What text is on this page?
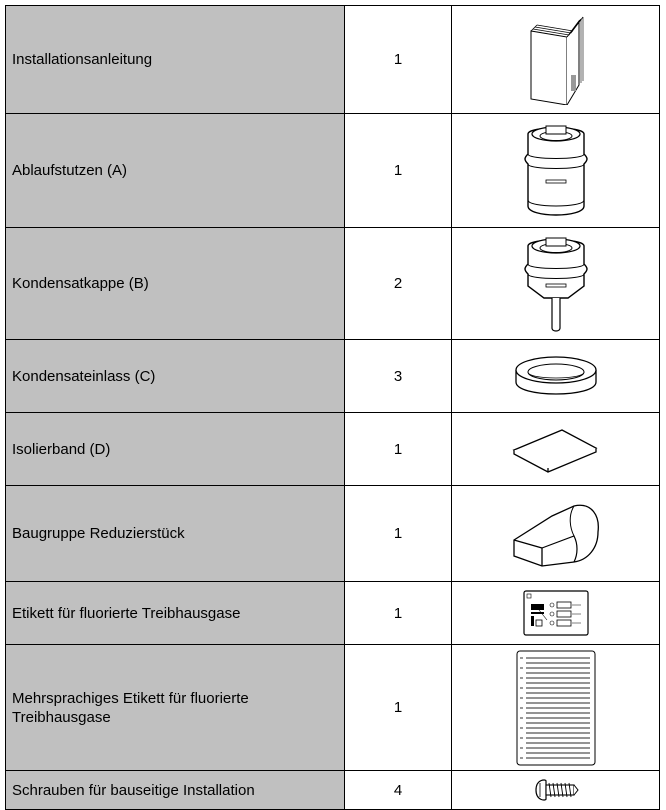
Installationsanleitung	1	

Ablaufstutzen (A)	1	

Kondensatkappe (B)	2	

Kondensateinlass (C)	3	

Isolierband (D)	1	

Baugruppe Reduzierstück	1	

Etikett für fluorierte Treibhausgase	1	

Mehrsprachiges Etikett für fluorierte Treibhausgase	1	

Schrauben für bauseitige Installation	4	
